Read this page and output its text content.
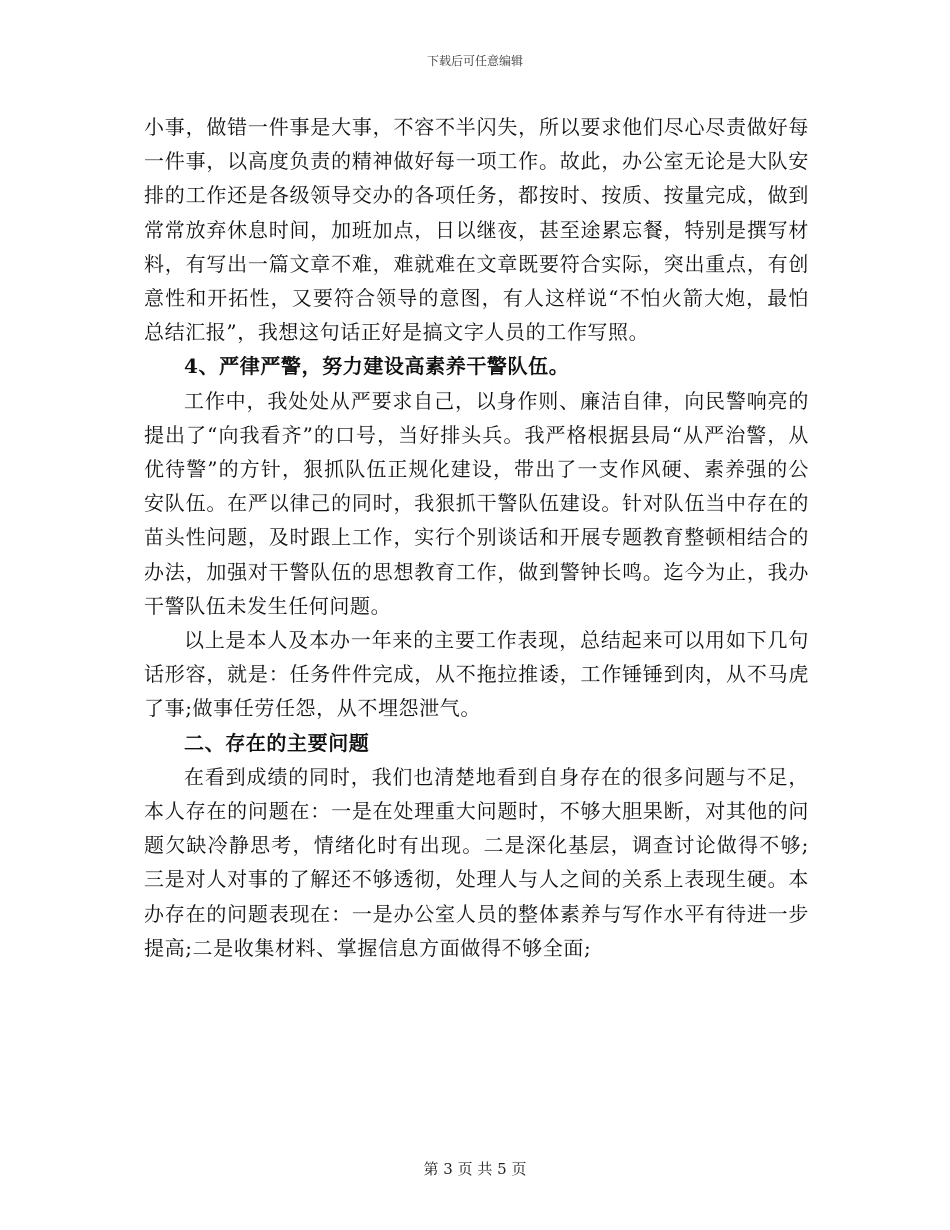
下载后可任意编辑

小事，做错一件事是大事，不容不半闪失，所以要求他们尽心尽责做好每一件事，以高度负责的精神做好每一项工作。故此，办公室无论是大队安排的工作还是各级领导交办的各项任务，都按时、按质、按量完成，做到常常放弃休息时间，加班加点，日以继夜，甚至途累忘餐，特别是撰写材料，有写出一篇文章不难，难就难在文章既要符合实际，突出重点，有创意性和开拓性，又要符合领导的意图，有人这样说“不怕火箭大炮，最怕总结汇报”，我想这句话正好是搞文字人员的工作写照。

4、严律严警，努力建设高素养干警队伍。

工作中，我处处从严要求自己，以身作则、廉洁自律，向民警响亮的提出了“向我看齐”的口号，当好排头兵。我严格根据县局“从严治警，从优待警”的方针，狠抓队伍正规化建设，带出了一支作风硬、素养强的公安队伍。在严以律己的同时，我狠抓干警队伍建设。针对队伍当中存在的苗头性问题，及时跟上工作，实行个别谈话和开展专题教育整顿相结合的办法，加强对干警队伍的思想教育工作，做到警钟长鸣。迄今为止，我办干警队伍未发生任何问题。

以上是本人及本办一年来的主要工作表现，总结起来可以用如下几句话形容，就是：任务件件完成，从不拖拉推诿，工作锤锤到肉，从不马虎了事;做事任劳任怨，从不埋怨泄气。

二、存在的主要问题

在看到成绩的同时，我们也清楚地看到自身存在的很多问题与不足，本人存在的问题在：一是在处理重大问题时，不够大胆果断，对其他的问题欠缺冷静思考，情绪化时有出现。二是深化基层，调查讨论做得不够;三是对人对事的了解还不够透彻，处理人与人之间的关系上表现生硬。本办存在的问题表现在：一是办公室人员的整体素养与写作水平有待进一步提高;二是收集材料、掌握信息方面做得不够全面;

第 3 页 共 5 页
